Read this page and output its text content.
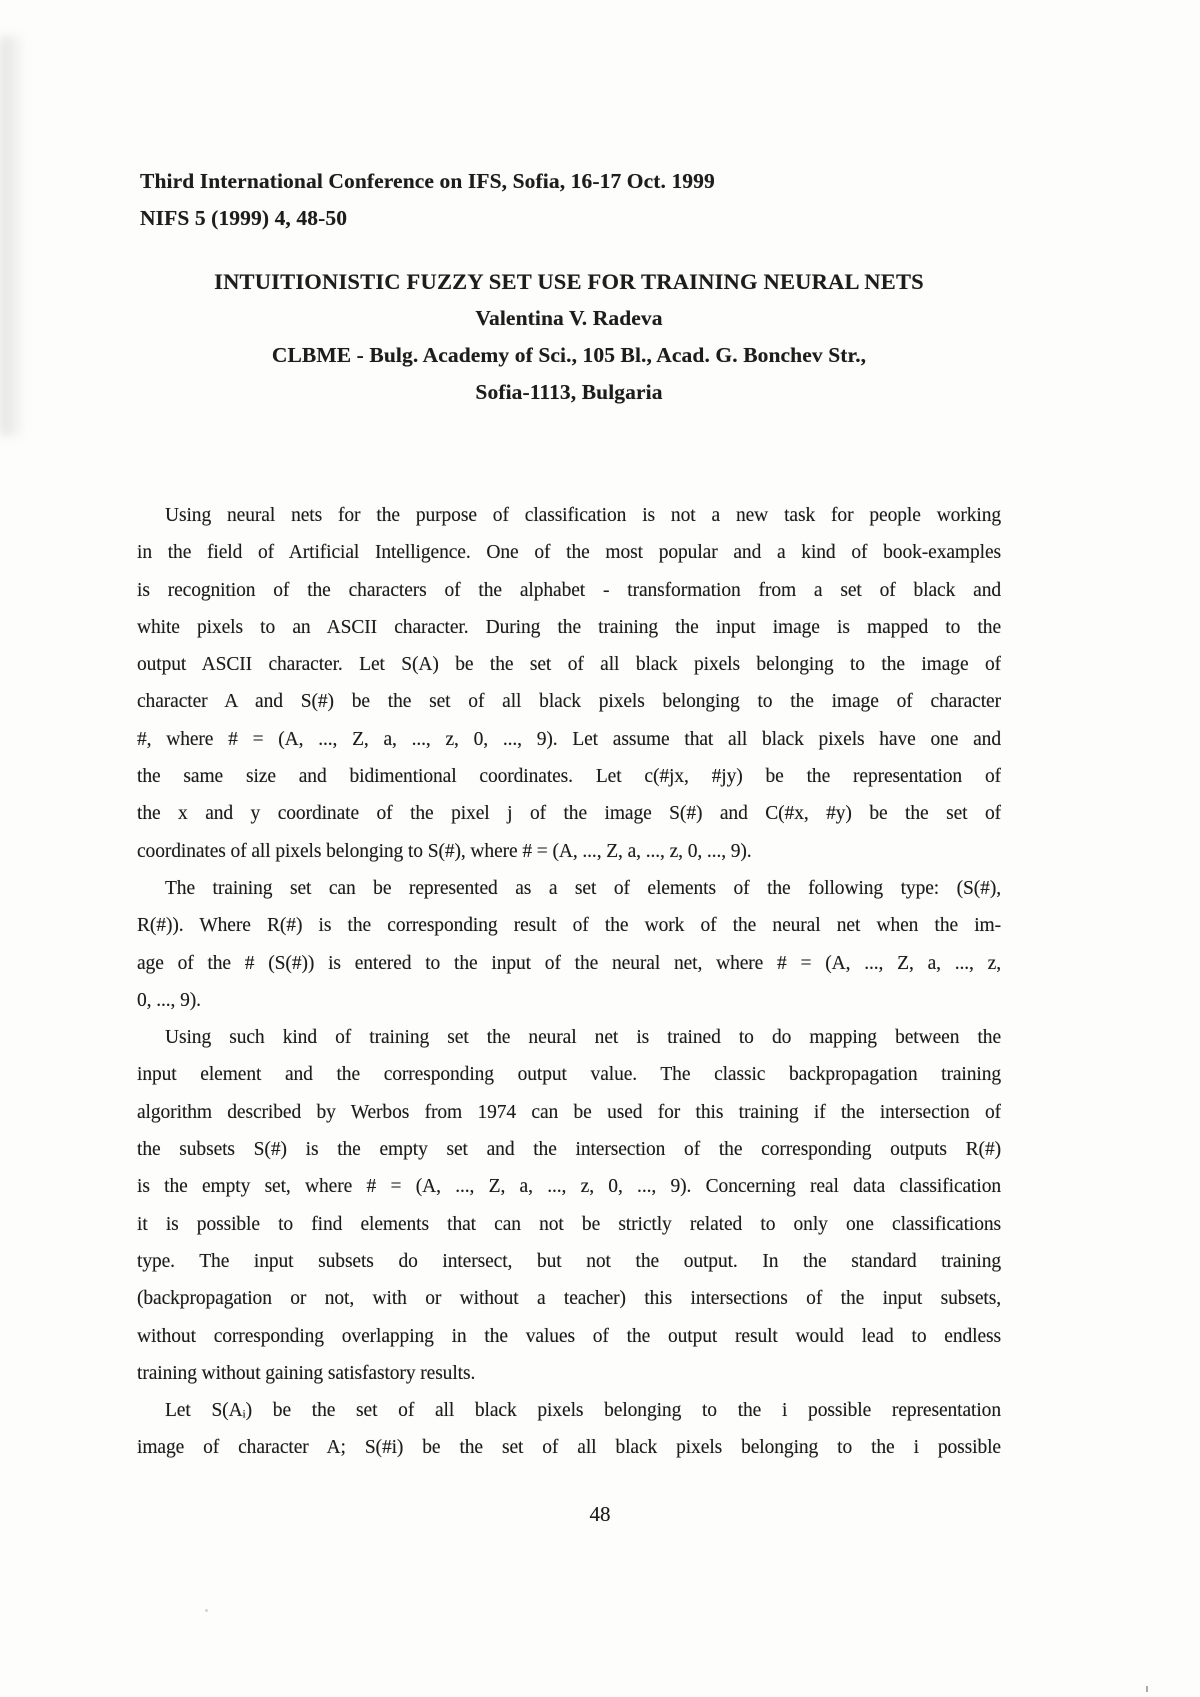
Third International Conference on IFS, Sofia, 16-17 Oct. 1999
NIFS 5 (1999) 4, 48-50
INTUITIONISTIC FUZZY SET USE FOR TRAINING NEURAL NETS
Valentina V. Radeva
CLBME - Bulg. Academy of Sci., 105 Bl., Acad. G. Bonchev Str.,
Sofia-1113, Bulgaria

Using neural nets for the purpose of classification is not a new task for people working
in the field of Artificial Intelligence. One of the most popular and a kind of book-examples
is recognition of the characters of the alphabet - transformation from a set of black and
white pixels to an ASCII character. During the training the input image is mapped to the
output ASCII character. Let S(A) be the set of all black pixels belonging to the image of
character A and S(#) be the set of all black pixels belonging to the image of character
#, where # = (A, ..., Z, a, ..., z, 0, ..., 9). Let assume that all black pixels have one and
the same size and bidimentional coordinates. Let c(#jx, #jy) be the representation of
the x and y coordinate of the pixel j of the image S(#) and C(#x, #y) be the set of
coordinates of all pixels belonging to S(#), where # = (A, ..., Z, a, ..., z, 0, ..., 9).

The training set can be represented as a set of elements of the following type: (S(#),
R(#)). Where R(#) is the corresponding result of the work of the neural net when the im-
age of the # (S(#)) is entered to the input of the neural net, where # = (A, ..., Z, a, ..., z,
0, ..., 9).

Using such kind of training set the neural net is trained to do mapping between the
input element and the corresponding output value. The classic backpropagation training
algorithm described by Werbos from 1974 can be used for this training if the intersection of
the subsets S(#) is the empty set and the intersection of the corresponding outputs R(#)
is the empty set, where # = (A, ..., Z, a, ..., z, 0, ..., 9). Concerning real data classification
it is possible to find elements that can not be strictly related to only one classifications
type. The input subsets do intersect, but not the output. In the standard training
(backpropagation or not, with or without a teacher) this intersections of the input subsets,
without corresponding overlapping in the values of the output result would lead to endless
training without gaining satisfastory results.

Let S(Aᵢ) be the set of all black pixels belonging to the i possible representation
image of character A; S(#i) be the set of all black pixels belonging to the i possible

48
